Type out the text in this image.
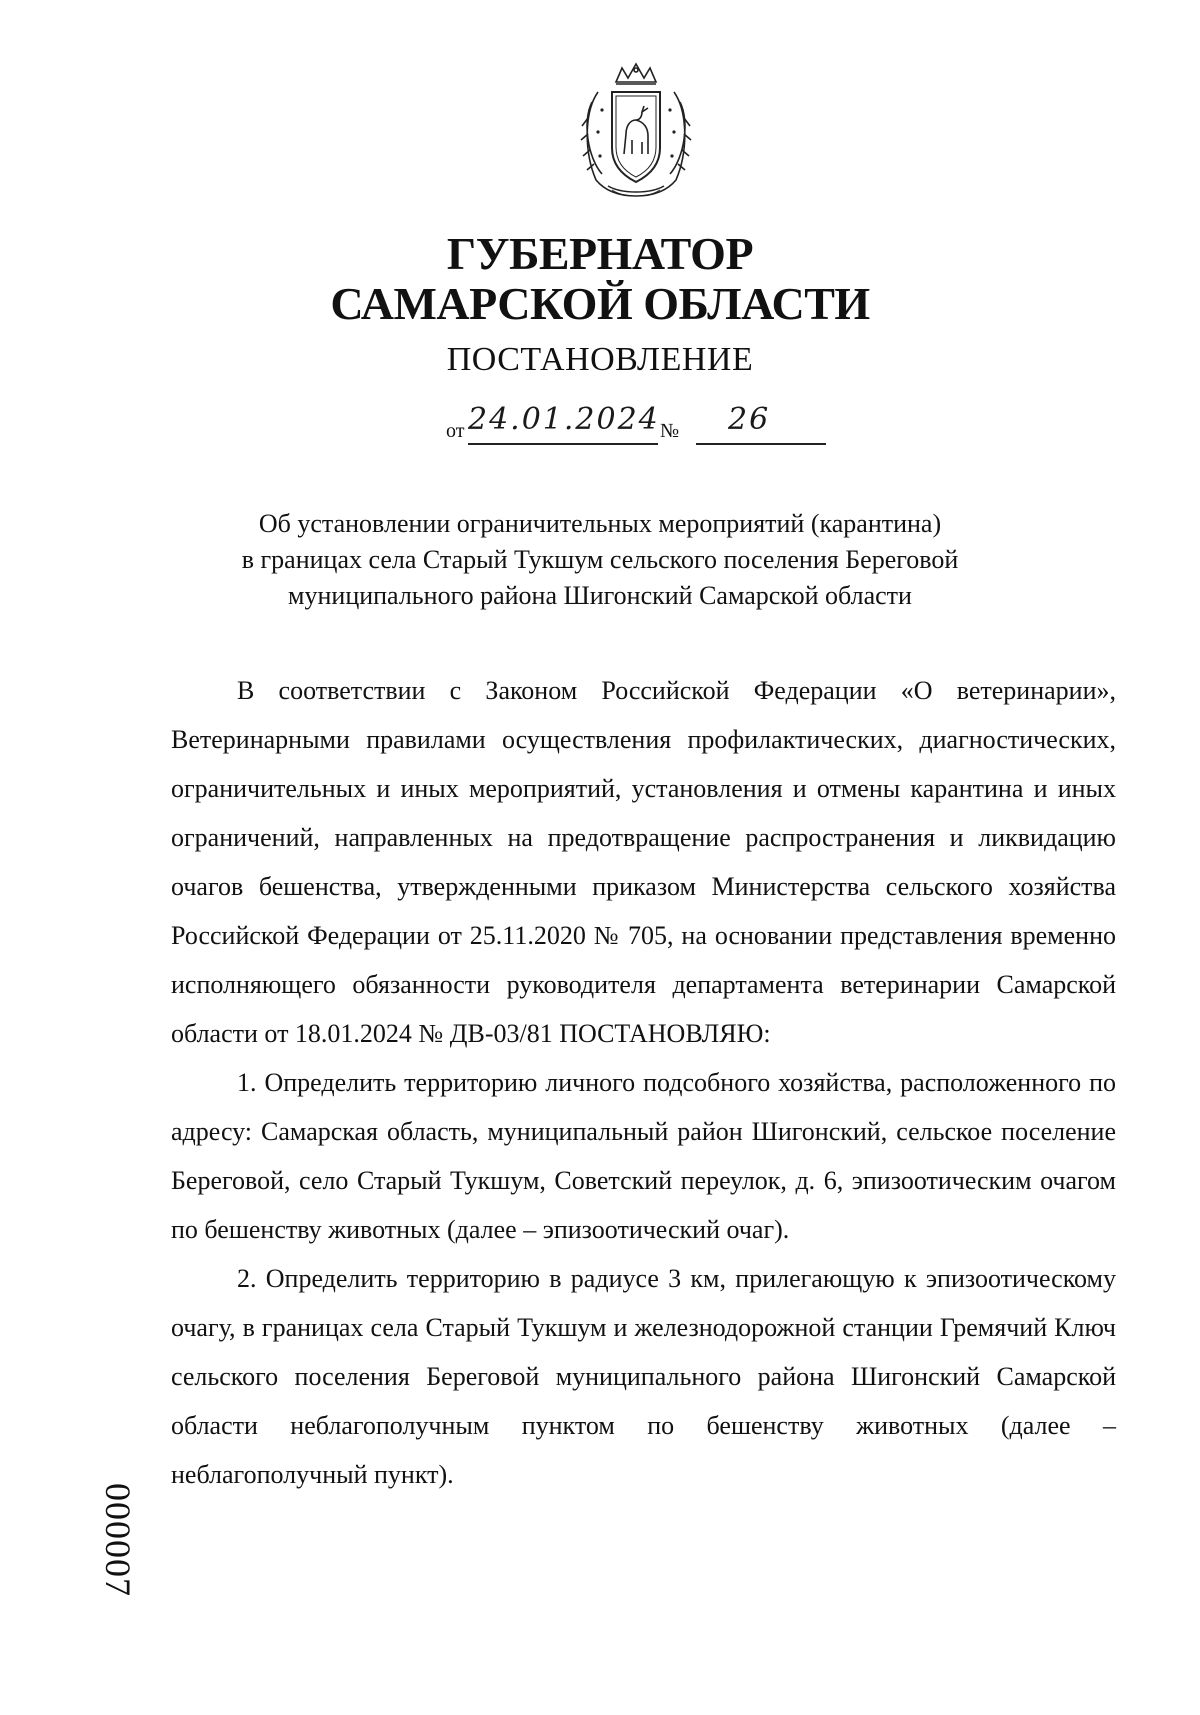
ГУБЕРНАТОР
САМАРСКОЙ ОБЛАСТИ
ПОСТАНОВЛЕНИЕ
от 24.01.2024 № 26
Об установлении ограничительных мероприятий (карантина)
в границах села Старый Тукшум сельского поселения Береговой
муниципального района Шигонский Самарской области

В соответствии с Законом Российской Федерации «О ветеринарии», Ветеринарными правилами осуществления профилактических, диагностических, ограничительных и иных мероприятий, установления и отмены карантина и иных ограничений, направленных на предотвращение распространения и ликвидацию очагов бешенства, утвержденными приказом Министерства сельского хозяйства Российской Федерации от 25.11.2020 № 705, на основании представления временно исполняющего обязанности руководителя департамента ветеринарии Самарской области от 18.01.2024 № ДВ-03/81 ПОСТАНОВЛЯЮ:

1. Определить территорию личного подсобного хозяйства, расположенного по адресу: Самарская область, муниципальный район Шигонский, сельское поселение Береговой, село Старый Тукшум, Советский переулок, д. 6, эпизоотическим очагом по бешенству животных (далее – эпизоотический очаг).

2. Определить территорию в радиусе 3 км, прилегающую к эпизоотическому очагу, в границах села Старый Тукшум и железнодорожной станции Гремячий Ключ сельского поселения Береговой муниципального района Шигонский Самарской области неблагополучным пунктом по бешенству животных (далее – неблагополучный пункт).

000007
